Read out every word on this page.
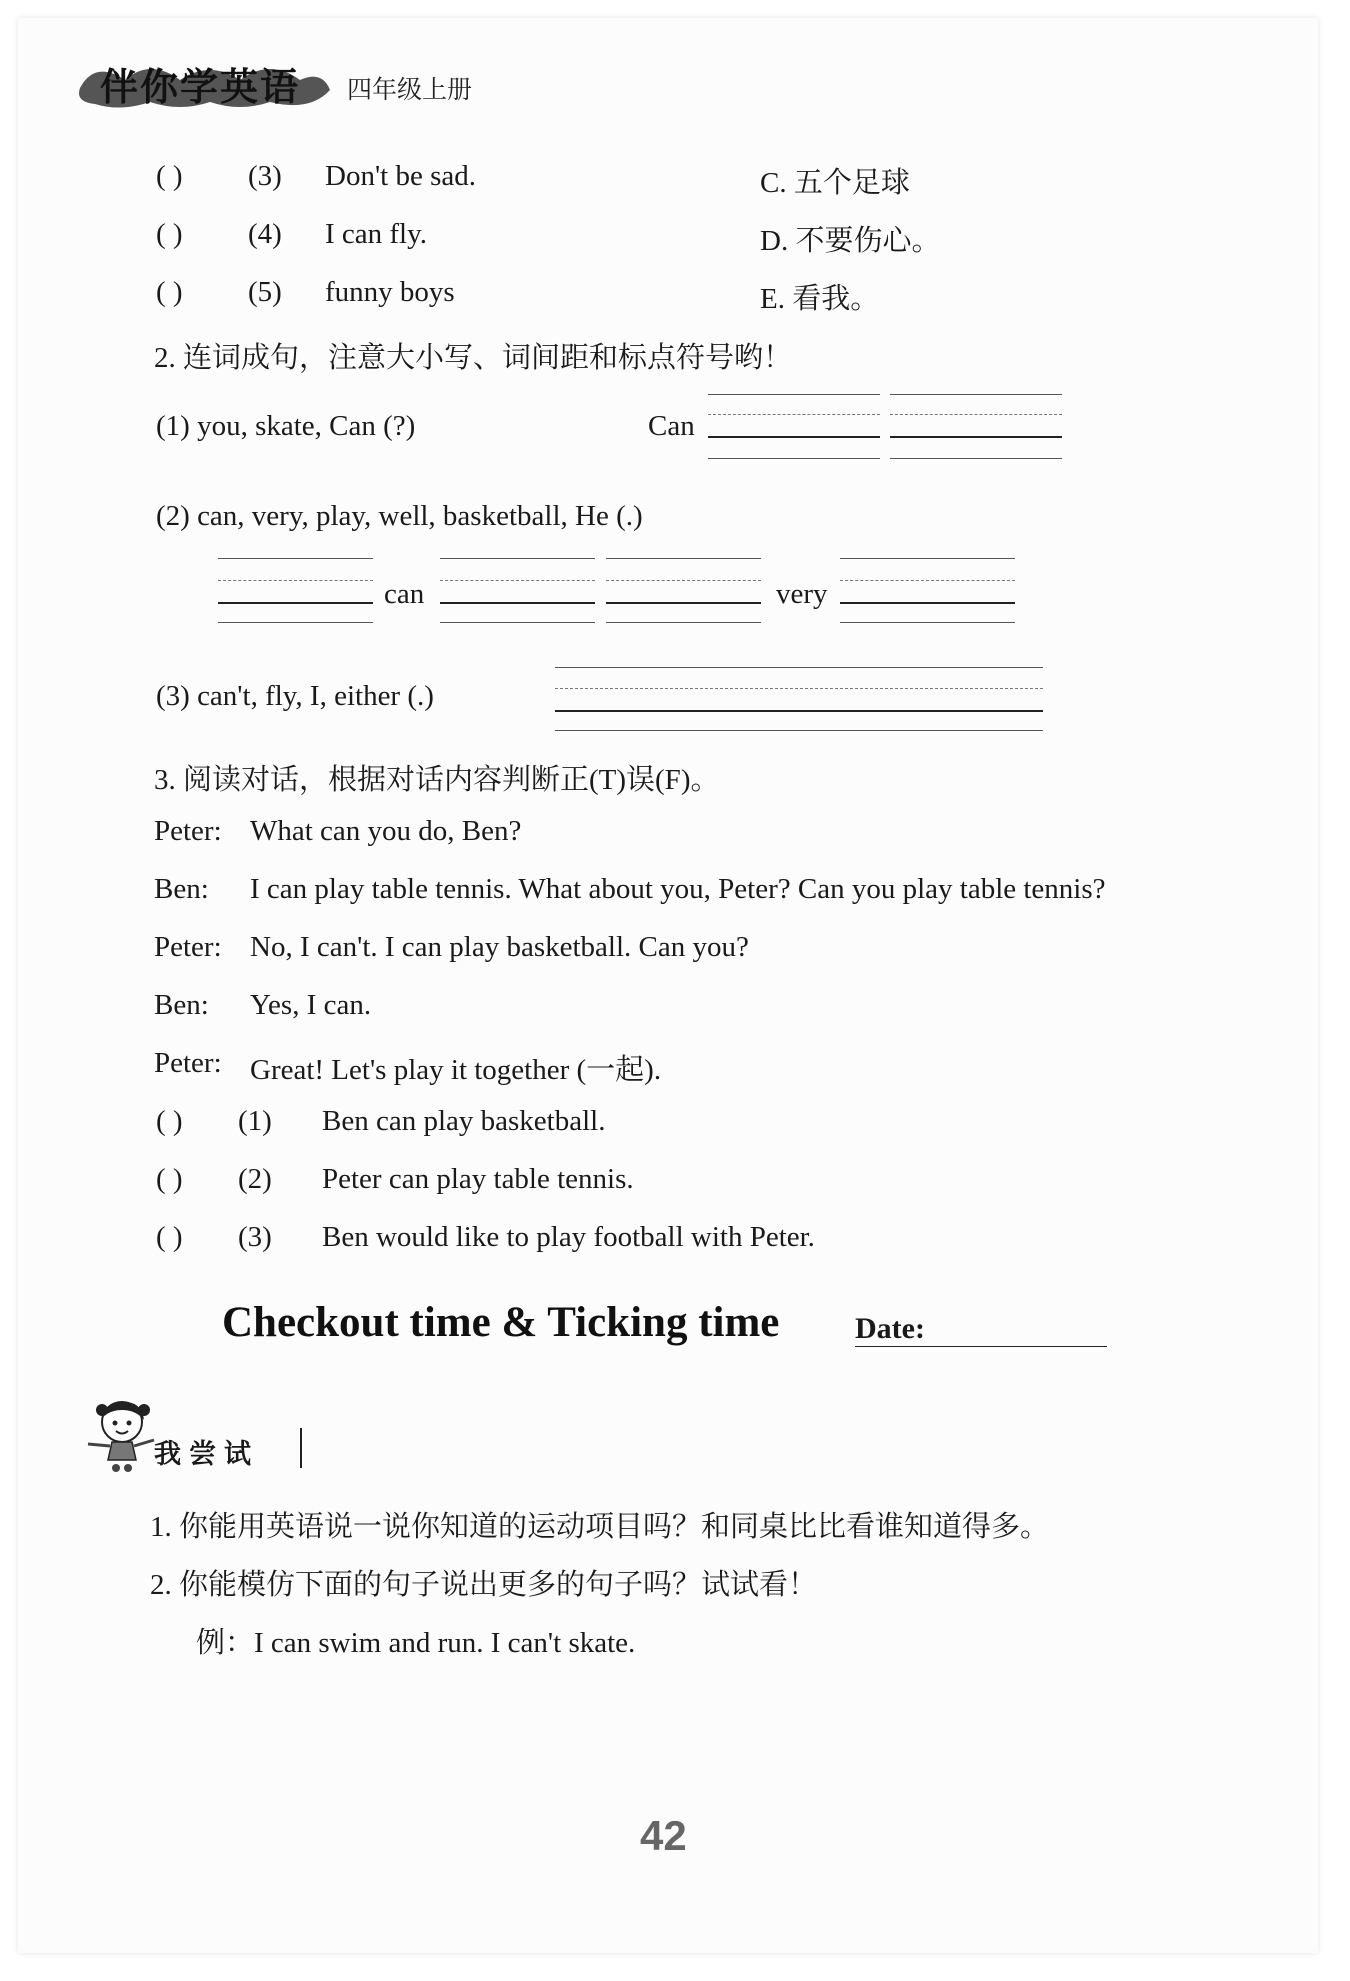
伴你学英语 四年级上册
( ) (3) Don't be sad.	C. 五个足球
( ) (4) I can fly.	D. 不要伤心。
( ) (5) funny boys	E. 看我。
2. 连词成句，注意大小写、词间距和标点符号哟！
(1) you, skate, Can (?)	Can
(2) can, very, play, well, basketball, He (.)
can	very
(3) can't, fly, I, either (.)
3. 阅读对话，根据对话内容判断正(T)误(F)。
Peter: What can you do, Ben?
Ben: I can play table tennis. What about you, Peter? Can you play table tennis?
Peter: No, I can't. I can play basketball. Can you?
Ben: Yes, I can.
Peter: Great! Let's play it together (一起).
( ) (1) Ben can play basketball.
( ) (2) Peter can play table tennis.
( ) (3) Ben would like to play football with Peter.
Checkout time & Ticking time	Date:
我尝试
1. 你能用英语说一说你知道的运动项目吗？和同桌比比看谁知道得多。
2. 你能模仿下面的句子说出更多的句子吗？试试看！
例：I can swim and run. I can't skate.
42
